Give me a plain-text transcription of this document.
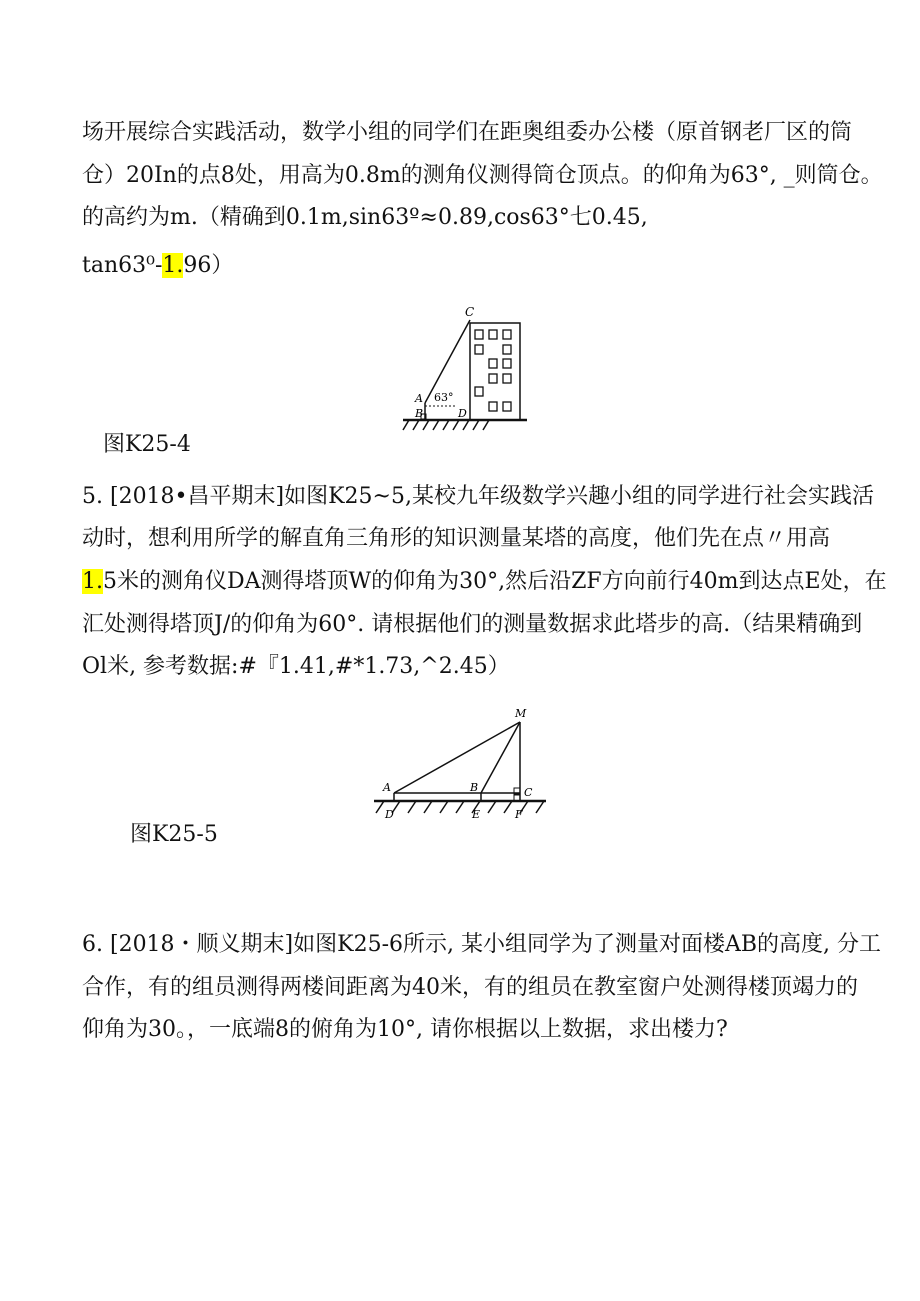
场开展综合实践活动，数学小组的同学们在距奥组委办公楼（原首钢老厂区的筒
仓）20In的点8处，用高为0.8m的测角仪测得筒仓顶点。的仰角为63°, _则筒仓。
的高约为m.（精确到0.1m,sin63º≈0.89,cos63°七0.45,
tan63⁰-1.96）
C
A
B	D
63°
图K25-4
5. [2018•昌平期末]如图K25~5,某校九年级数学兴趣小组的同学进行社会实践活
动时，想利用所学的解直角三角形的知识测量某塔的高度，他们先在点〃用高
1.5米的测角仪DA测得塔顶W的仰角为30°,然后沿ZF方向前行40m到达点E处，在
汇处测得塔顶J/的仰角为60°. 请根据他们的测量数据求此塔步的高.（结果精确到
Ol米, 参考数据:#『1.41,#*1.73,^2.45）
M
A	B	C
D	E	F
图K25-5
6. [2018・顺义期末]如图K25-6所示, 某小组同学为了测量对面楼AB的高度, 分工
合作，有的组员测得两楼间距离为40米，有的组员在教室窗户处测得楼顶竭力的
仰角为30。，一底端8的俯角为10°, 请你根据以上数据，求出楼力?
